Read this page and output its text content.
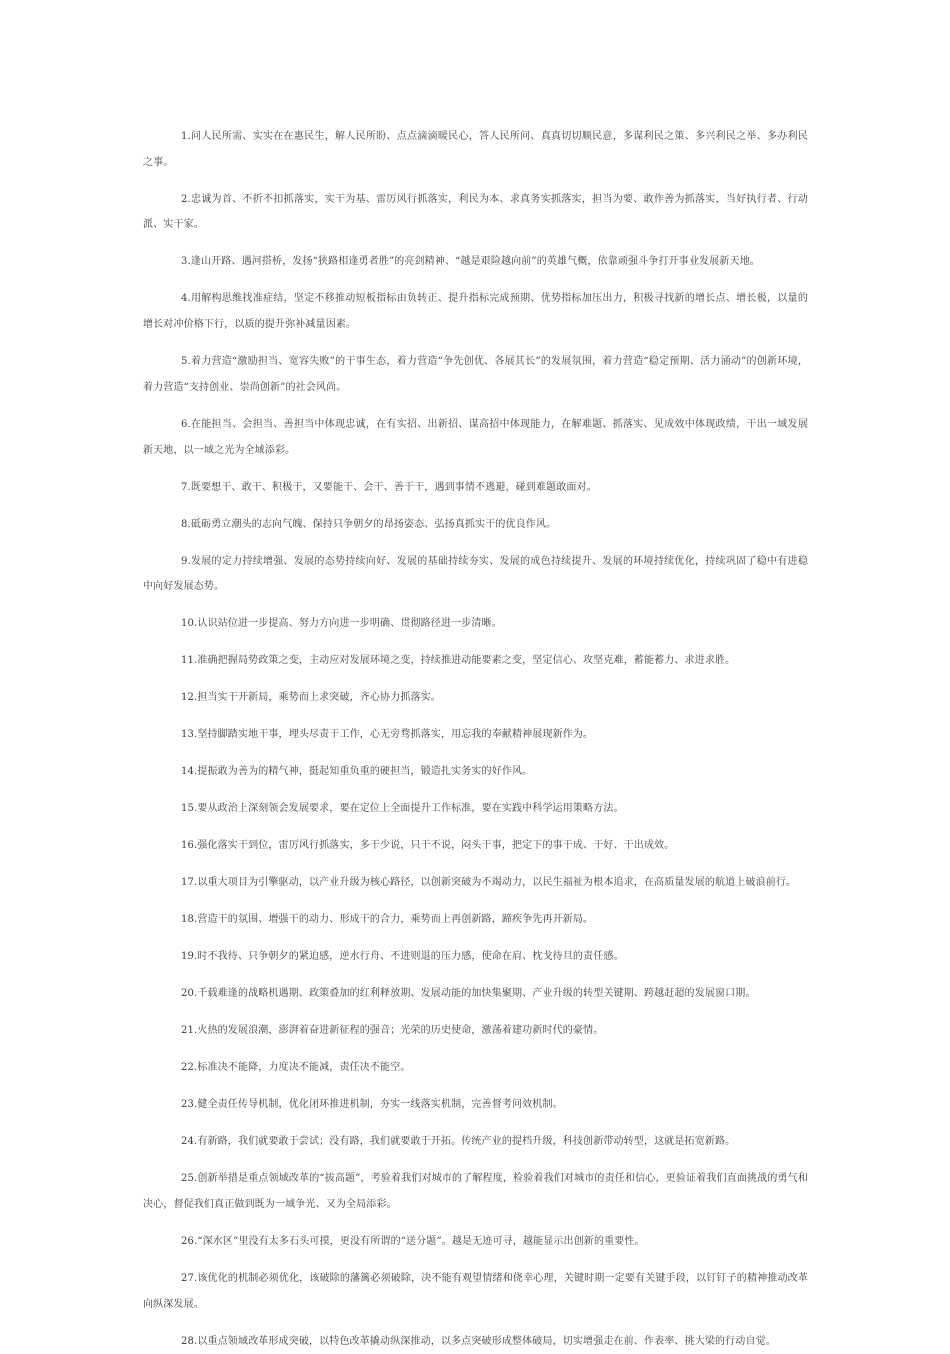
1.问人民所需、实实在在惠民生，解人民所盼、点点滴滴暖民心，答人民所问、真真切切顺民意，多谋利民之策、多兴利民之举、多办利民之事。

2.忠诚为首、不折不扣抓落实，实干为基、雷厉风行抓落实，利民为本、求真务实抓落实，担当为要、敢作善为抓落实，当好执行者、行动派、实干家。

3.逢山开路、遇河搭桥，发扬“狭路相逢勇者胜”的亮剑精神、“越是艰险越向前”的英雄气概，依靠顽强斗争打开事业发展新天地。

4.用解构思维找准症结，坚定不移推动短板指标由负转正、提升指标完成预期、优势指标加压出力，积极寻找新的增长点、增长极，以量的增长对冲价格下行，以质的提升弥补减量因素。

5.着力营造“激励担当、宽容失败”的干事生态，着力营造“争先创优、各展其长”的发展氛围，着力营造“稳定预期、活力涌动”的创新环境，着力营造“支持创业、崇尚创新”的社会风尚。

6.在能担当、会担当、善担当中体现忠诚，在有实招、出新招、谋高招中体现能力，在解难题、抓落实、见成效中体现政绩，干出一域发展新天地，以一域之光为全域添彩。

7.既要想干、敢干、积极干，又要能干、会干、善于干，遇到事情不逃避，碰到难题敢面对。

8.砥砺勇立潮头的志向气魄、保持只争朝夕的昂扬姿态、弘扬真抓实干的优良作风。

9.发展的定力持续增强、发展的态势持续向好、发展的基础持续夯实、发展的成色持续提升、发展的环境持续优化，持续巩固了稳中有进稳中向好发展态势。

10.认识站位进一步提高、努力方向进一步明确、贯彻路径进一步清晰。

11.准确把握局势政策之变，主动应对发展环境之变，持续推进动能要素之变，坚定信心、攻坚克难，蓄能蓄力、求进求胜。

12.担当实干开新局，乘势而上求突破，齐心协力抓落实。

13.坚持脚踏实地干事，埋头尽责干工作，心无旁骛抓落实，用忘我的奉献精神展现新作为。

14.提振敢为善为的精气神，挺起知重负重的硬担当，锻造扎实务实的好作风。

15.要从政治上深刻领会发展要求，要在定位上全面提升工作标准，要在实践中科学运用策略方法。

16.强化落实干到位，雷厉风行抓落实，多干少说，只干不说，闷头干事，把定下的事干成、干好、干出成效。

17.以重大项目为引擎驱动，以产业升级为核心路径，以创新突破为不竭动力，以民生福祉为根本追求，在高质量发展的航道上破浪前行。

18.营造干的氛围、增强干的动力、形成干的合力，乘势而上再创新路，蹄疾争先再开新局。

19.时不我待、只争朝夕的紧迫感，逆水行舟、不进则退的压力感，使命在肩、枕戈待旦的责任感。

20.千载难逢的战略机遇期、政策叠加的红利释放期、发展动能的加快集聚期、产业升级的转型关键期、跨越赶超的发展窗口期。

21.火热的发展浪潮，澎湃着奋进新征程的强音；光荣的历史使命，激荡着建功新时代的豪情。

22.标准决不能降，力度决不能减，责任决不能空。

23.健全责任传导机制，优化闭环推进机制，夯实一线落实机制，完善督考问效机制。

24.有新路，我们就要敢于尝试；没有路，我们就要敢于开拓。传统产业的提档升级，科技创新带动转型，这就是拓宽新路。

25.创新举措是重点领域改革的“拔高题”，考验着我们对城市的了解程度，检验着我们对城市的责任和信心，更验证着我们直面挑战的勇气和决心，督促我们真正做到既为一域争光、又为全局添彩。

26.“深水区”里没有太多石头可摸，更没有所谓的“送分题”。越是无迹可寻，越能显示出创新的重要性。

27.该优化的机制必须优化，该破除的藩篱必须破除，决不能有观望情绪和侥幸心理，关键时期一定要有关键手段，以钉钉子的精神推动改革向纵深发展。

28.以重点领域改革形成突破，以特色改革撬动纵深推动，以多点突破形成整体破局，切实增强走在前、作表率、挑大梁的行动自觉。
